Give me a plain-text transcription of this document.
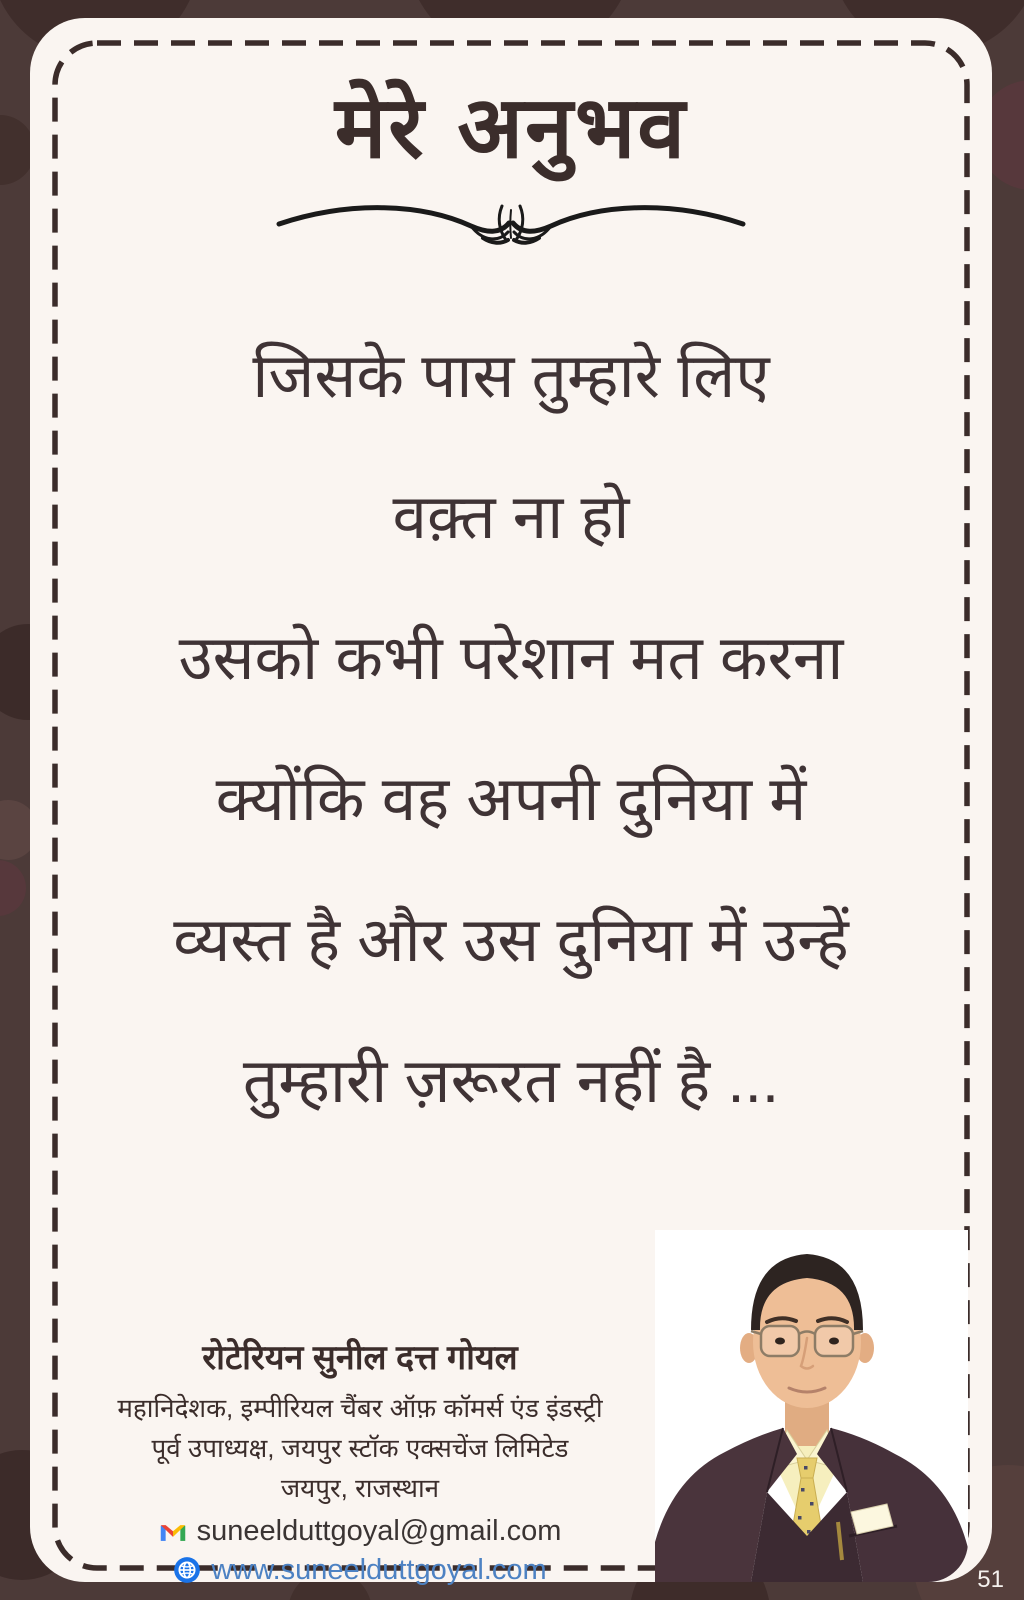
मेरे अनुभव
जिसके पास तुम्हारे लिए
वक़्त ना हो
उसको कभी परेशान मत करना
क्योंकि वह अपनी दुनिया में
व्यस्त है और उस दुनिया में उन्हें
तुम्हारी ज़रूरत नहीं है ...
रोटेरियन सुनील दत्त गोयल
महानिदेशक, इम्पीरियल चैंबर ऑफ़ कॉमर्स एंड इंडस्ट्री
पूर्व उपाध्यक्ष, जयपुर स्टॉक एक्सचेंज लिमिटेड
जयपुर, राजस्थान
suneelduttgoyal@gmail.com
www.suneelduttgoyal.com	51
